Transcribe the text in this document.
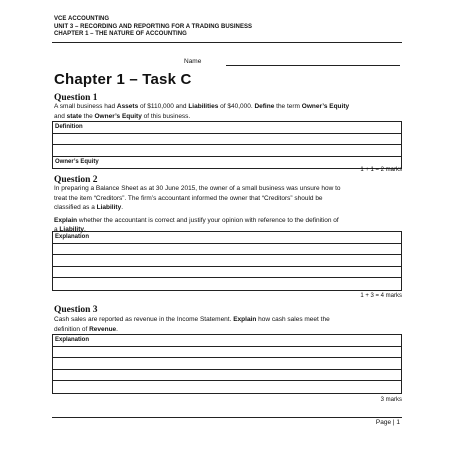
VCE ACCOUNTING
UNIT 3 – RECORDING AND REPORTING FOR A TRADING BUSINESS
CHAPTER 1 – THE NATURE OF ACCOUNTING
Name
Chapter 1 – Task C
Question 1
A small business had Assets of $110,000 and Liabilities of $40,000. Define the term Owner’s Equity
and state the Owner’s Equity of this business.
Definition
Owner’s Equity
1 + 1 = 2 marks
Question 2
In preparing a Balance Sheet as at 30 June 2015, the owner of a small business was unsure how to
treat the item “Creditors”. The firm’s accountant informed the owner that “Creditors” should be
classified as a Liability.
Explain whether the accountant is correct and justify your opinion with reference to the definition of
a Liability.
Explanation
1 + 3 = 4 marks
Question 3
Cash sales are reported as revenue in the Income Statement. Explain how cash sales meet the
definition of Revenue.
Explanation
3 marks
Page | 1
